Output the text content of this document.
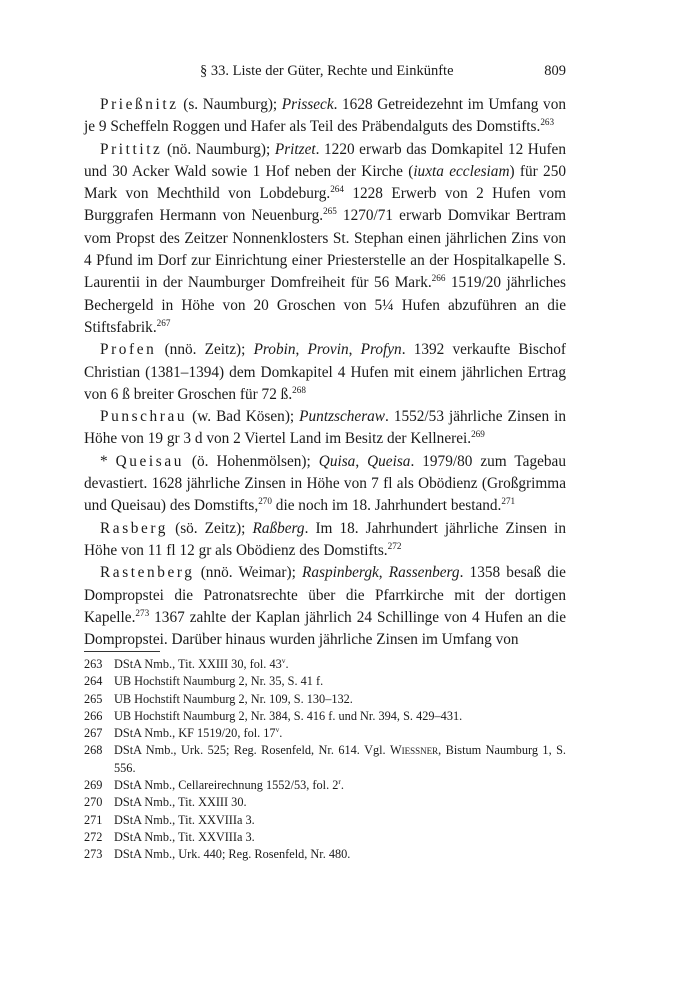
§ 33. Liste der Güter, Rechte und Einkünfte	809

Prießnitz (s. Naumburg); Prisseck. 1628 Getreidezehnt im Umfang von je 9 Scheffeln Roggen und Hafer als Teil des Präbendalguts des Domstifts.$^{263}$

Prittitz (nö. Naumburg); Pritzet. 1220 erwarb das Domkapitel 12 Hufen und 30 Acker Wald sowie 1 Hof neben der Kirche (iuxta ecclesiam) für 250 Mark von Mechthild von Lobdeburg.$^{264}$ 1228 Erwerb von 2 Hufen vom Burggrafen Hermann von Neuenburg.$^{265}$ 1270/71 erwarb Domvikar Bertram vom Propst des Zeitzer Nonnenklosters St. Stephan einen jährlichen Zins von 4 Pfund im Dorf zur Einrichtung einer Priesterstelle an der Hospitalkapelle S. Laurentii in der Naumburger Domfreiheit für 56 Mark.$^{266}$ 1519/20 jährliches Bechergeld in Höhe von 20 Groschen von 5¼ Hufen abzuführen an die Stiftsfabrik.$^{267}$

Profen (nnö. Zeitz); Probin, Provin, Profyn. 1392 verkaufte Bischof Christian (1381–1394) dem Domkapitel 4 Hufen mit einem jährlichen Ertrag von 6 ß breiter Groschen für 72 ß.$^{268}$

Punschrau (w. Bad Kösen); Puntzscheraw. 1552/53 jährliche Zinsen in Höhe von 19 gr 3 d von 2 Viertel Land im Besitz der Kellnerei.$^{269}$

* Queisau (ö. Hohenmölsen); Quisa, Queisa. 1979/80 zum Tagebau devastiert. 1628 jährliche Zinsen in Höhe von 7 fl als Obödienz (Großgrimma und Queisau) des Domstifts,$^{270}$ die noch im 18. Jahrhundert bestand.$^{271}$

Rasberg (sö. Zeitz); Raßberg. Im 18. Jahrhundert jährliche Zinsen in Höhe von 11 fl 12 gr als Obödienz des Domstifts.$^{272}$

Rastenberg (nnö. Weimar); Raspinbergk, Rassenberg. 1358 besaß die Dompropstei die Patronatsrechte über die Pfarrkirche mit der dortigen Kapelle.$^{273}$ 1367 zahlte der Kaplan jährlich 24 Schillinge von 4 Hufen an die Dompropstei. Darüber hinaus wurden jährliche Zinsen im Umfang von

263 DStA Nmb., Tit. XXIII 30, fol. 43$^v$.
264 UB Hochstift Naumburg 2, Nr. 35, S. 41 f.
265 UB Hochstift Naumburg 2, Nr. 109, S. 130–132.
266 UB Hochstift Naumburg 2, Nr. 384, S. 416 f. und Nr. 394, S. 429–431.
267 DStA Nmb., KF 1519/20, fol. 17$^v$.
268 DStA Nmb., Urk. 525; Reg. Rosenfeld, Nr. 614. Vgl. Wiessner, Bistum Naumburg 1, S. 556.
269 DStA Nmb., Cellareirechnung 1552/53, fol. 2$^r$.
270 DStA Nmb., Tit. XXIII 30.
271 DStA Nmb., Tit. XXVIIIa 3.
272 DStA Nmb., Tit. XXVIIIa 3.
273 DStA Nmb., Urk. 440; Reg. Rosenfeld, Nr. 480.
